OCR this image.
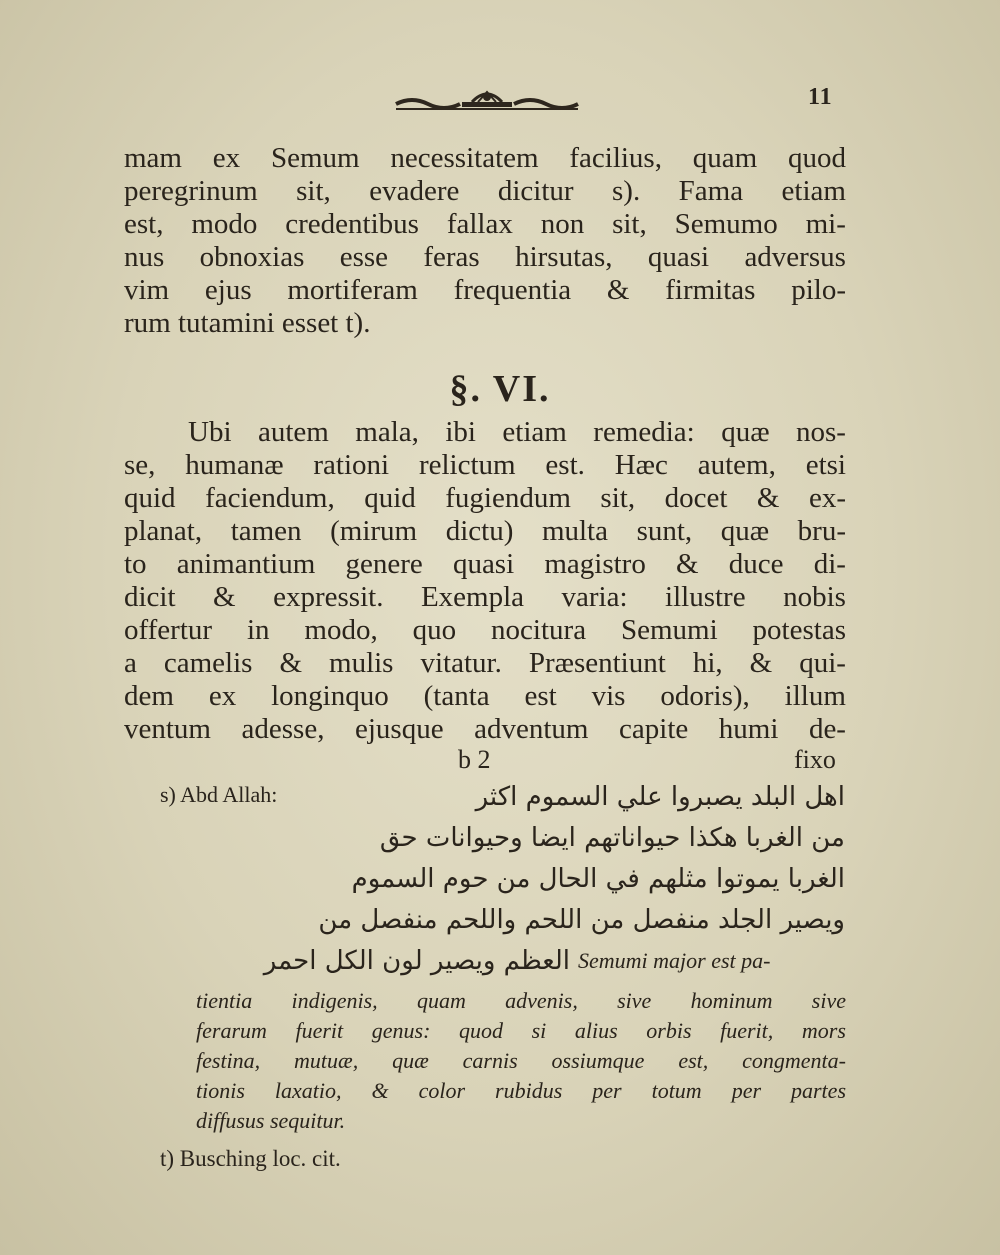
11
mam ex Semum necessitatem facilius, quam quod
peregrinum sit, evadere dicitur s). Fama etiam
est, modo credentibus fallax non sit, Semumo mi-
nus obnoxias esse feras hirsutas, quasi adversus
vim ejus mortiferam frequentia & firmitas pilo-
rum tutamini esset t).
§. VI.
Ubi autem mala, ibi etiam remedia: quæ nos-
se, humanæ rationi relictum est. Hæc autem, etsi
quid faciendum, quid fugiendum sit, docet & ex-
planat, tamen (mirum dictu) multa sunt, quæ bru-
to animantium genere quasi magistro & duce di-
dicit & expressit. Exempla varia: illustre nobis
offertur in modo, quo nocitura Semumi potestas
a camelis & mulis vitatur. Præsentiunt hi, & qui-
dem ex longinquo (tanta est vis odoris), illum
ventum adesse, ejusque adventum capite humi de-
b 2	fixo
s) Abd Allah:	اهل البلد يصبروا علي السموم اكثر
من الغربا هكذا حيواناتهم ايضا وحيوانات حق
الغربا يموتوا مثلهم في الحال من حوم السموم
ويصير الجلد منفصل من اللحم واللحم منفصل من
العظم ويصير لون الكل احمر Semumi major est pa-
tientia indigenis, quam advenis, sive hominum sive
ferarum fuerit genus: quod si alius orbis fuerit, mors
festina, mutuæ, quæ carnis ossiumque est, congmenta-
tionis laxatio, & color rubidus per totum per partes
diffusus sequitur.
t) Busching loc. cit.
